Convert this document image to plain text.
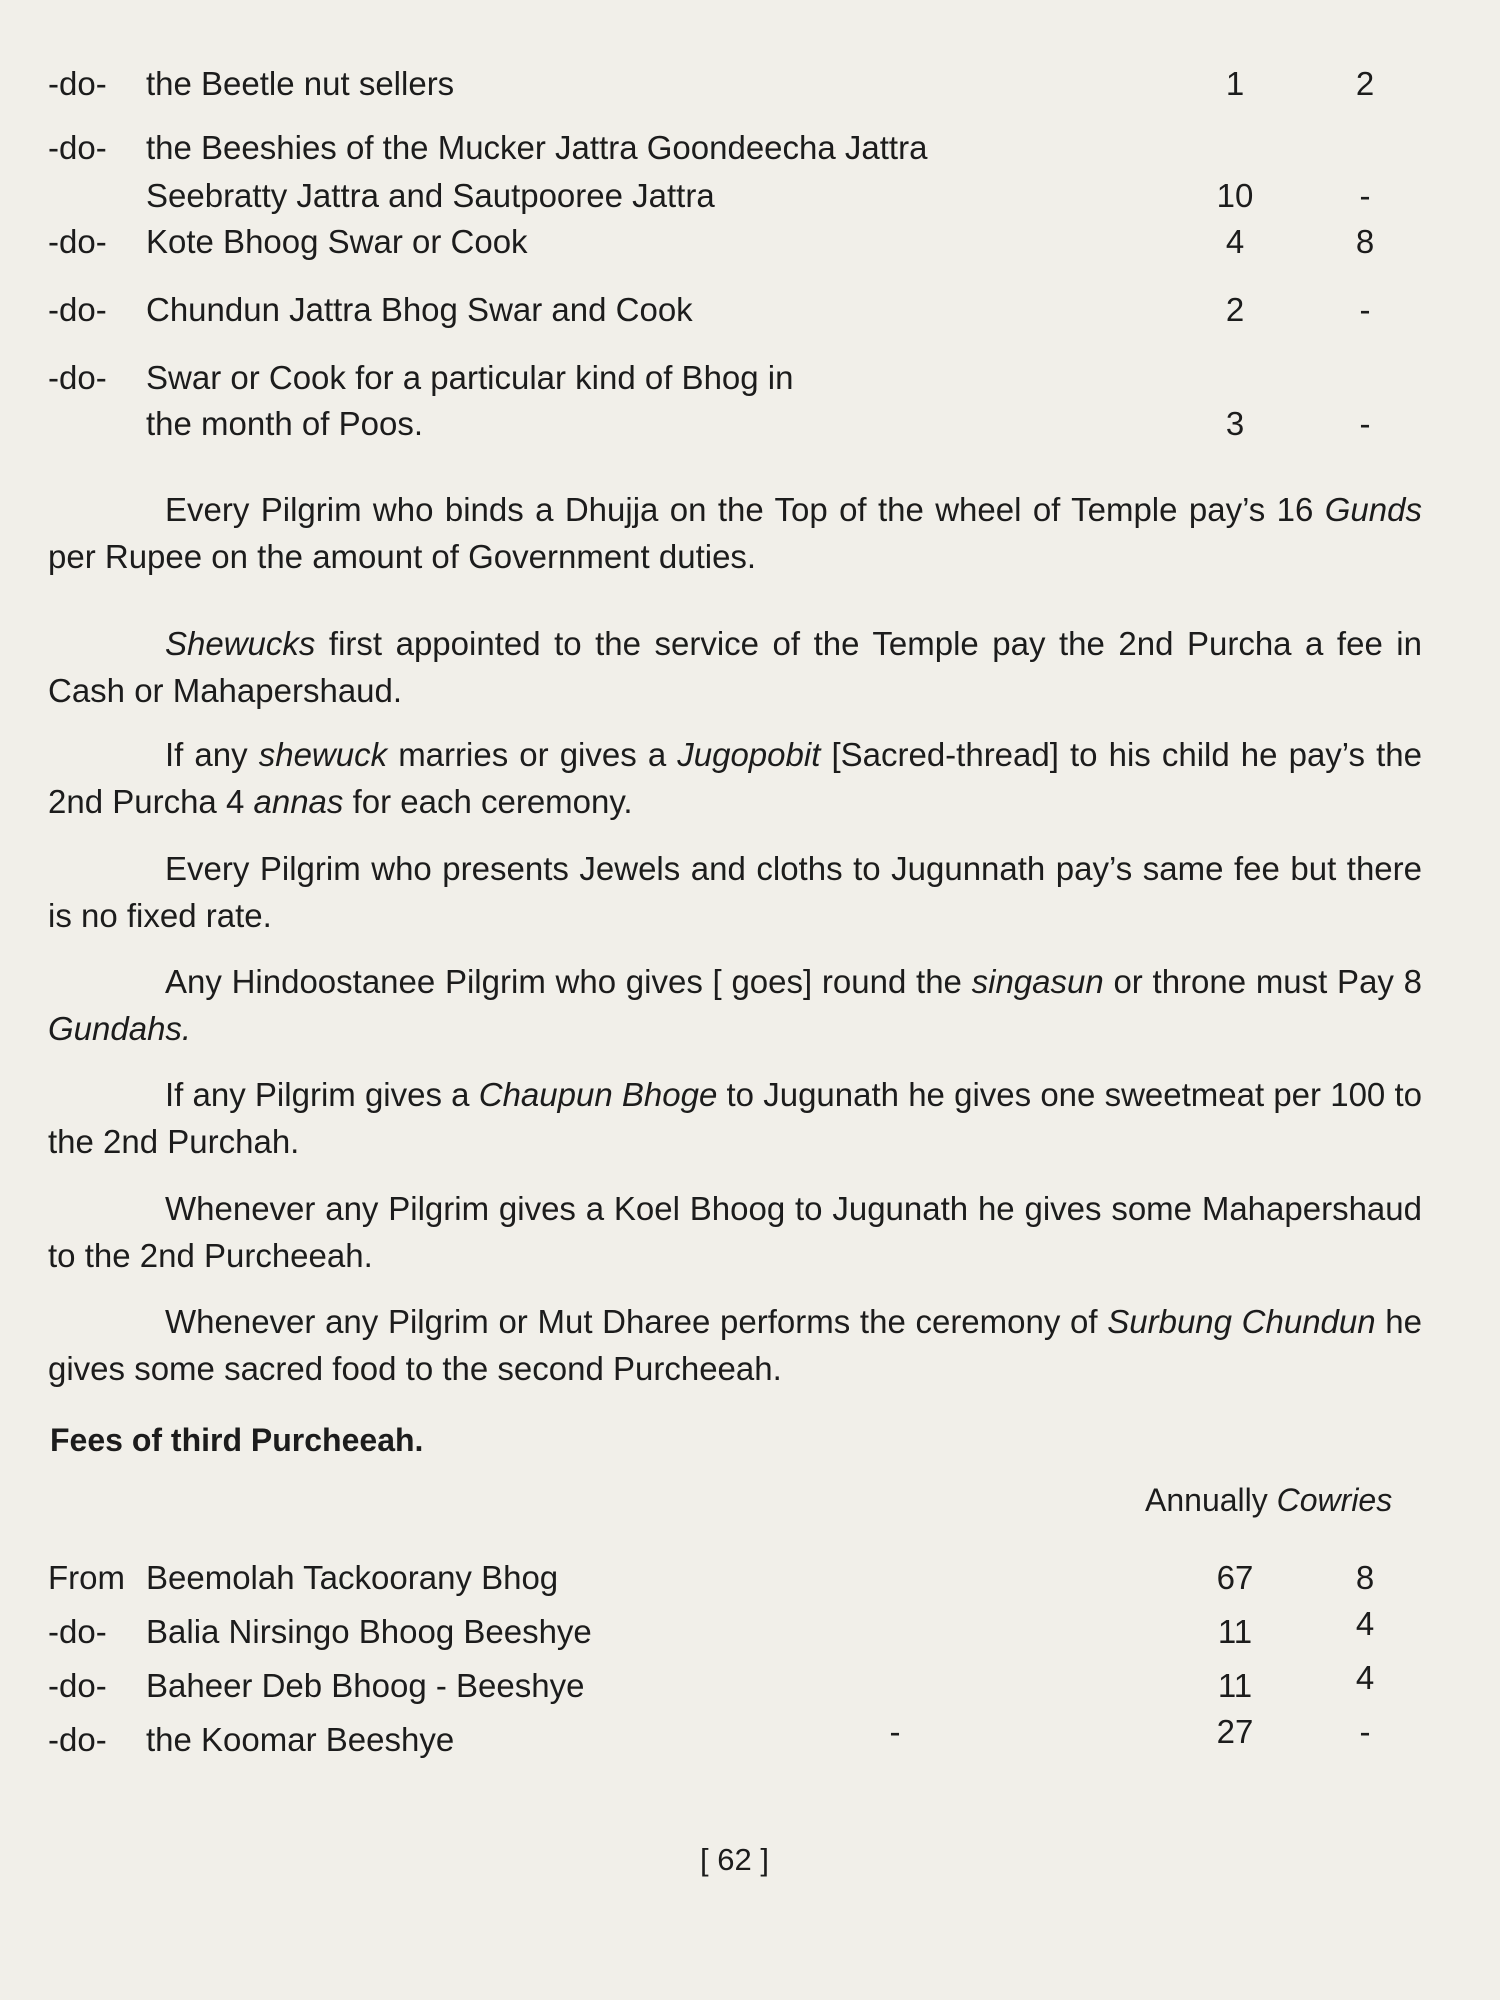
-do- the Beetle nut sellers	1	2
-do- the Beeshies of the Mucker Jattra Goondeecha Jattra
Seebratty Jattra and Sautpooree Jattra	10	-
-do- Kote Bhoog Swar or Cook	4	8
-do- Chundun Jattra Bhog Swar and Cook	2	-
-do- Swar or Cook for a particular kind of Bhog in
the month of Poos.	3	-

Every Pilgrim who binds a Dhujja on the Top of the wheel of Temple pay’s 16 Gunds per Rupee on the amount of Government duties.

Shewucks first appointed to the service of the Temple pay the 2nd Purcha a fee in Cash or Mahapershaud.

If any shewuck marries or gives a Jugopobit [Sacred-thread] to his child he pay’s the 2nd Purcha 4 annas for each ceremony.

Every Pilgrim who presents Jewels and cloths to Jugunnath pay’s same fee but there is no fixed rate.

Any Hindoostanee Pilgrim who gives [ goes] round the singasun or throne must Pay 8 Gundahs.

If any Pilgrim gives a Chaupun Bhoge to Jugunath he gives one sweetmeat per 100 to the 2nd Purchah.

Whenever any Pilgrim gives a Koel Bhoog to Jugunath he gives some Mahapershaud to the 2nd Purcheeah.

Whenever any Pilgrim or Mut Dharee performs the ceremony of Surbung Chundun he gives some sacred food to the second Purcheeah.

Fees of third Purcheeah.
Annually Cowries
From Beemolah Tackoorany Bhog	67	8
-do- Balia Nirsingo Bhoog Beeshye	11	4
-do- Baheer Deb Bhoog - Beeshye	11	4
-do- the Koomar Beeshye	-	27	-
[ 62 ]
